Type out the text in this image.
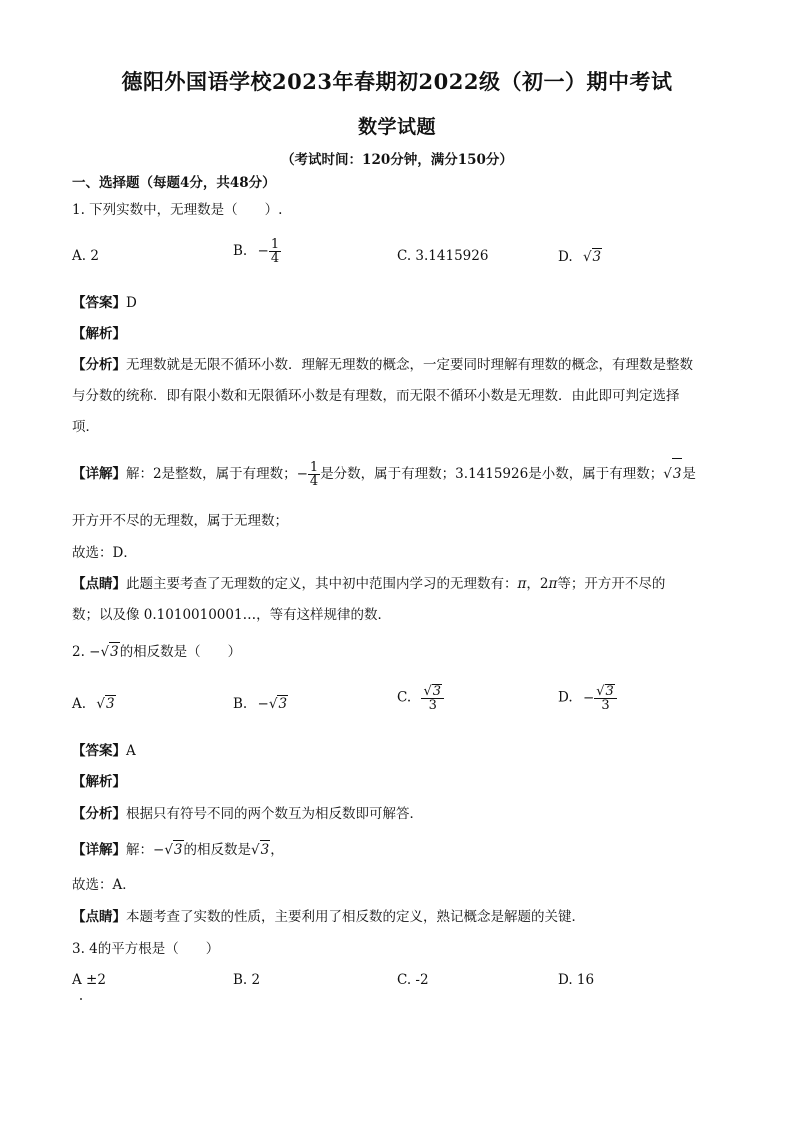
德阳外国语学校2023年春期初2022级（初一）期中考试
数学试题
（考试时间：120分钟，满分150分）
一、选择题（每题4分，共48分）
1. 下列实数中，无理数是（　　）.
A. 2	B. − $\frac{1}{4}$	C. 3.1415926	D. √3
【答案】D
【解析】
【分析】无理数就是无限不循环小数．理解无理数的概念，一定要同时理解有理数的概念，有理数是整数
与分数的统称．即有限小数和无限循环小数是有理数，而无限不循环小数是无理数．由此即可判定选择
项．
【详解】解：2是整数，属于有理数；− $\frac{1}{4}$ 是分数，属于有理数；3.1415926是小数，属于有理数；√3是
开方开不尽的无理数，属于无理数；
故选：D．
【点睛】此题主要考查了无理数的定义，其中初中范围内学习的无理数有：π，2π等；开方开不尽的
数；以及像 0.1010010001…，等有这样规律的数．
2. −√3的相反数是（　　）
A. √3	B. −√3	C. $\frac{√3}{3}$	D. − $\frac{√3}{3}$
【答案】A
【解析】
【分析】根据只有符号不同的两个数互为相反数即可解答．
【详解】解：−√3的相反数是√3，
故选：A．
【点睛】本题考查了实数的性质，主要利用了相反数的定义，熟记概念是解题的关键．
3. 4的平方根是（　　）
A ±2	B. 2	C. -2	D. 16
